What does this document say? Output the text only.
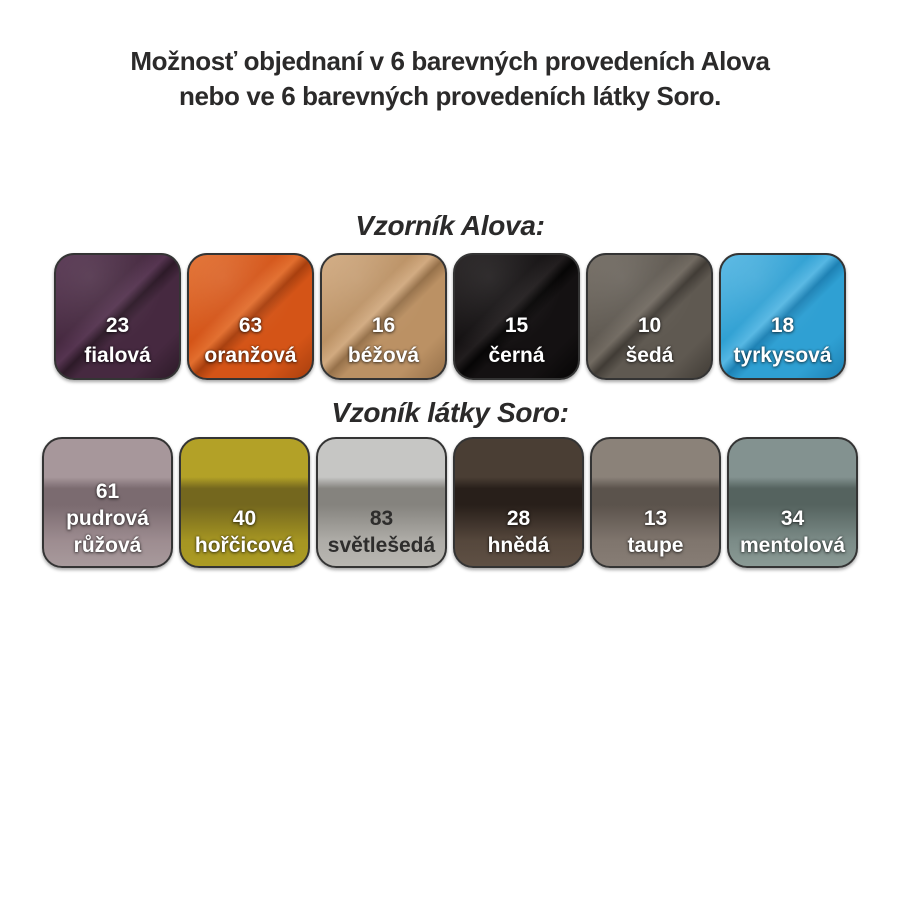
Možnosť objednaní v 6 barevných provedeních Alova
nebo ve 6 barevných provedeních látky Soro.
Vzorník Alova:
23
fialová
63
oranžová
16
béžová
15
černá
10
šedá
18
tyrkysová
Vzoník látky Soro:
61
pudrová růžová
40
hořčicová
83
světlešedá
28
hnědá
13
taupe
34
mentolová
